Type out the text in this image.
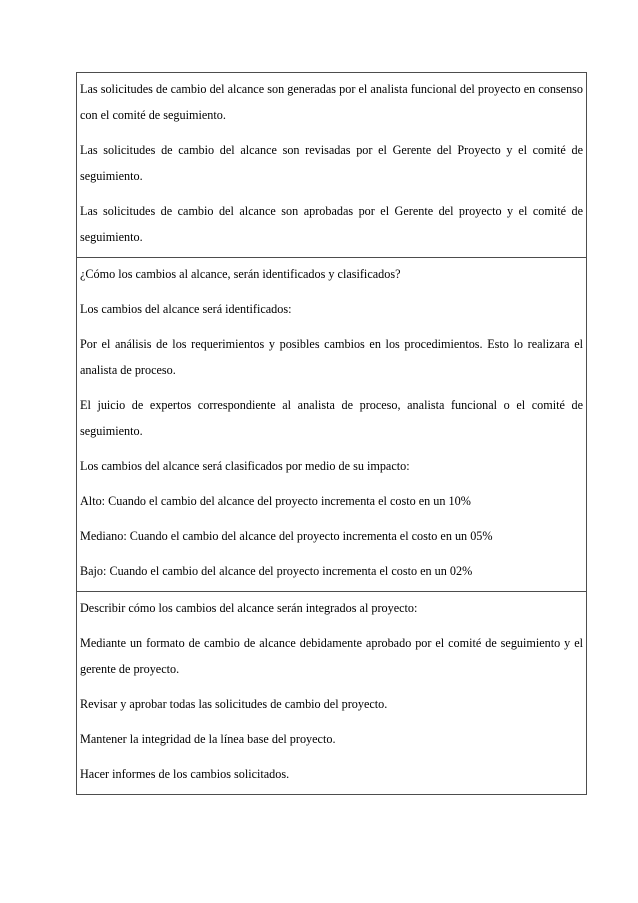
Las solicitudes de cambio del alcance son generadas por el analista funcional del proyecto en consenso con el comité de seguimiento.

Las solicitudes de cambio del alcance son revisadas por el Gerente del Proyecto y el comité de seguimiento.

Las solicitudes de cambio del alcance son aprobadas por el Gerente del proyecto y el comité de seguimiento.

¿Cómo los cambios al alcance, serán identificados y clasificados?

Los cambios del alcance será identificados:

Por el análisis de los requerimientos y posibles cambios en los procedimientos. Esto lo realizara el analista de proceso.

El juicio de expertos correspondiente al analista de proceso, analista funcional o el comité de seguimiento.

Los cambios del alcance será clasificados por medio de su impacto:

Alto: Cuando el cambio del alcance del proyecto incrementa el costo en un 10%

Mediano: Cuando el cambio del alcance del proyecto incrementa el costo en un 05%

Bajo: Cuando el cambio del alcance del proyecto incrementa el costo en un 02%

Describir cómo los cambios del alcance serán integrados al proyecto:

Mediante un formato de cambio de alcance debidamente aprobado por el comité de seguimiento y el gerente de proyecto.

Revisar y aprobar todas las solicitudes de cambio del proyecto.

Mantener la integridad de la línea base del proyecto.

Hacer informes de los cambios solicitados.
